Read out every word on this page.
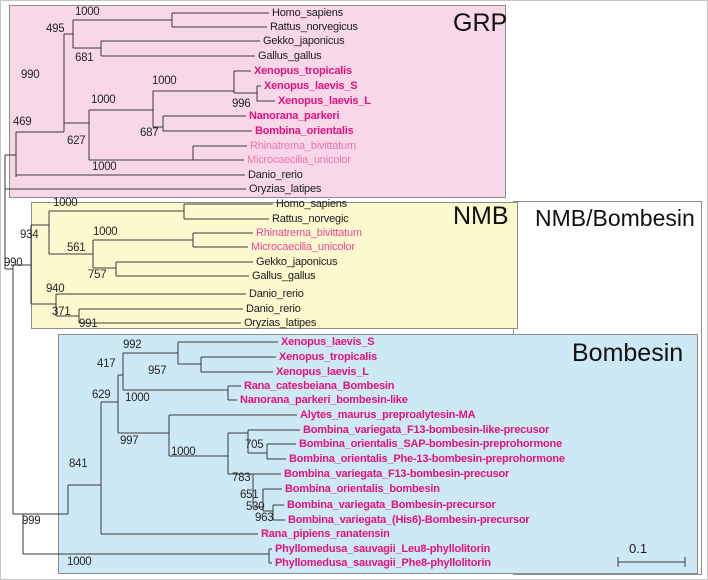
GRP
NMB NMB/Bombesin
Bombesin
0.1
Homo_sapiens
Rattus_norvegicus
Gekko_japonicus
Gallus_gallus
Xenopus_tropicalis
Xenopus_laevis_S
Xenopus_laevis_L
Nanorana_parkeri
Bombina_orientalis
Rhinatrema_bivittatum
Microcaecilia_unicolor
Danio_rerio
Oryzias_latipes
Homo_sapiens
Rattus_norvegic
Rhinatrema_bivittatum
Microcaecilia_unicolor
Gekko_japonicus
Gallus_gallus
Danio_rerio
Danio_rerio
Oryzias_latipes
Xenopus_laevis_S
Xenopus_tropicalis
Xenopus_laevis_L
Rana_catesbeiana_Bombesin
Nanorana_parkeri_bombesin-like
Alytes_maurus_preproalytesin-MA
Bombina_variegata_F13-bombesin-like-precusor
Bombina_orientalis_SAP-bombesin-preprohormone
Bombina_orientalis_Phe-13-bombesin-preprohormone
Bombina_variegata_F13-bombesin-precusor
Bombina_orientalis_bombesin
Bombina_variegata_Bombesin-precursor
Bombina_variegata_(His6)-Bombesin-precursor
Rana_pipiens_ranatensin
Phyllomedusa_sauvagii_Leu8-phyllolitorin
Phyllomedusa_sauvagii_Phe8-phyllolitorin
1000
495
681
990	1000
996
1000
687
627
1000
469
1000
934	1000
561
757
940
371
991
990
992
417
957
629 1000
997
1000
705
783
651
530
963
841
999
1000
